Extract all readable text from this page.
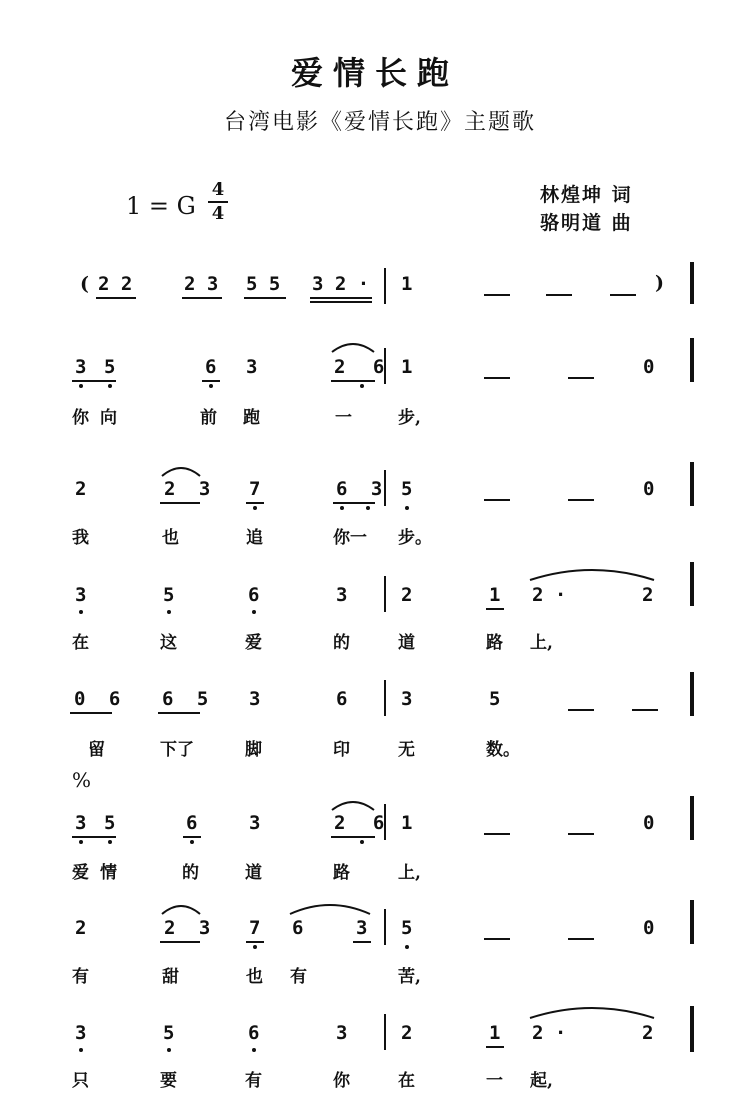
爱情长跑
台湾电影《爱情长跑》主题歌
1 = G
4
4
林煌坤 词
骆明道 曲
( 2 2	2 3 5 5 3 2 · 1	)
3 5	6 3	2 6 1	0
你 向	前 跑	一	步,
2	2 3 7	6 3 5	0
我	也	追	你一 步。
3	5	6	3	2	1 2 ·	2
在	这	爱	的	道	路 上,
0 6 6 5 3	6	3	5
留	下了	脚	印	无	数。
%
3 5	6	3	2 6 1	0
爱 情	的	道	路	上,
2	2 3 7 6	3 5	0
有	甜	也 有	苦,
3	5	6	3	2	1 2 ·	2
只	要	有	你	在	一 起,
